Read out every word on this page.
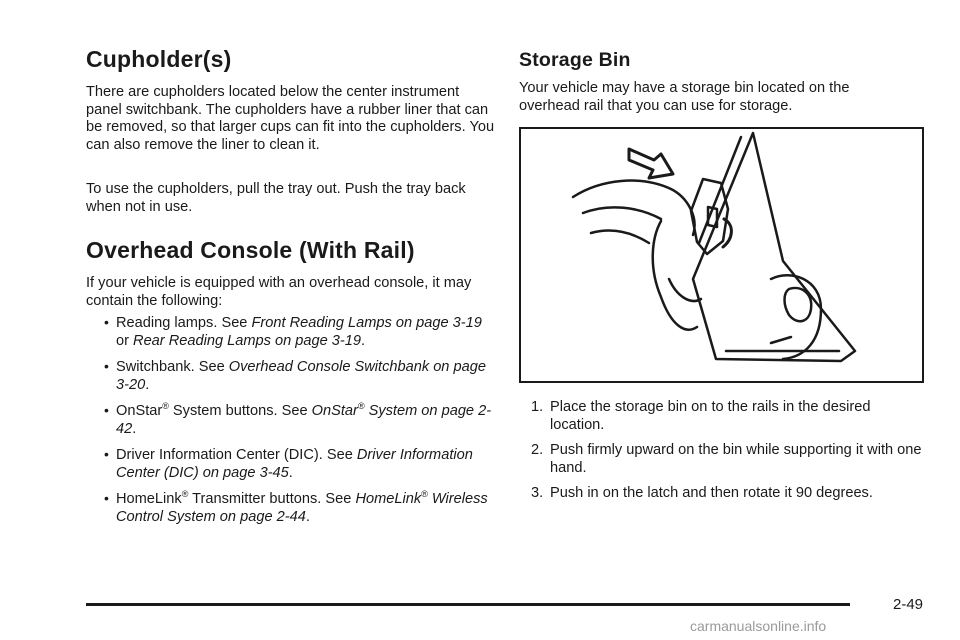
Cupholder(s)

There are cupholders located below the center instrument panel switchbank. The cupholders have a rubber liner that can be removed, so that larger cups can fit into the cupholders. You can also remove the liner to clean it.

To use the cupholders, pull the tray out. Push the tray back when not in use.

Overhead Console (With Rail)

If your vehicle is equipped with an overhead console, it may contain the following:

• Reading lamps. See Front Reading Lamps on page 3-19 or Rear Reading Lamps on page 3-19.
• Switchbank. See Overhead Console Switchbank on page 3-20.
• OnStar® System buttons. See OnStar® System on page 2-42.
• Driver Information Center (DIC). See Driver Information Center (DIC) on page 3-45.
• HomeLink® Transmitter buttons. See HomeLink® Wireless Control System on page 2-44.
Storage Bin

Your vehicle may have a storage bin located on the overhead rail that you can use for storage.

1. Place the storage bin on to the rails in the desired location.
2. Push firmly upward on the bin while supporting it with one hand.
3. Push in on the latch and then rotate it 90 degrees.
2-49
carmanualsonline.info
